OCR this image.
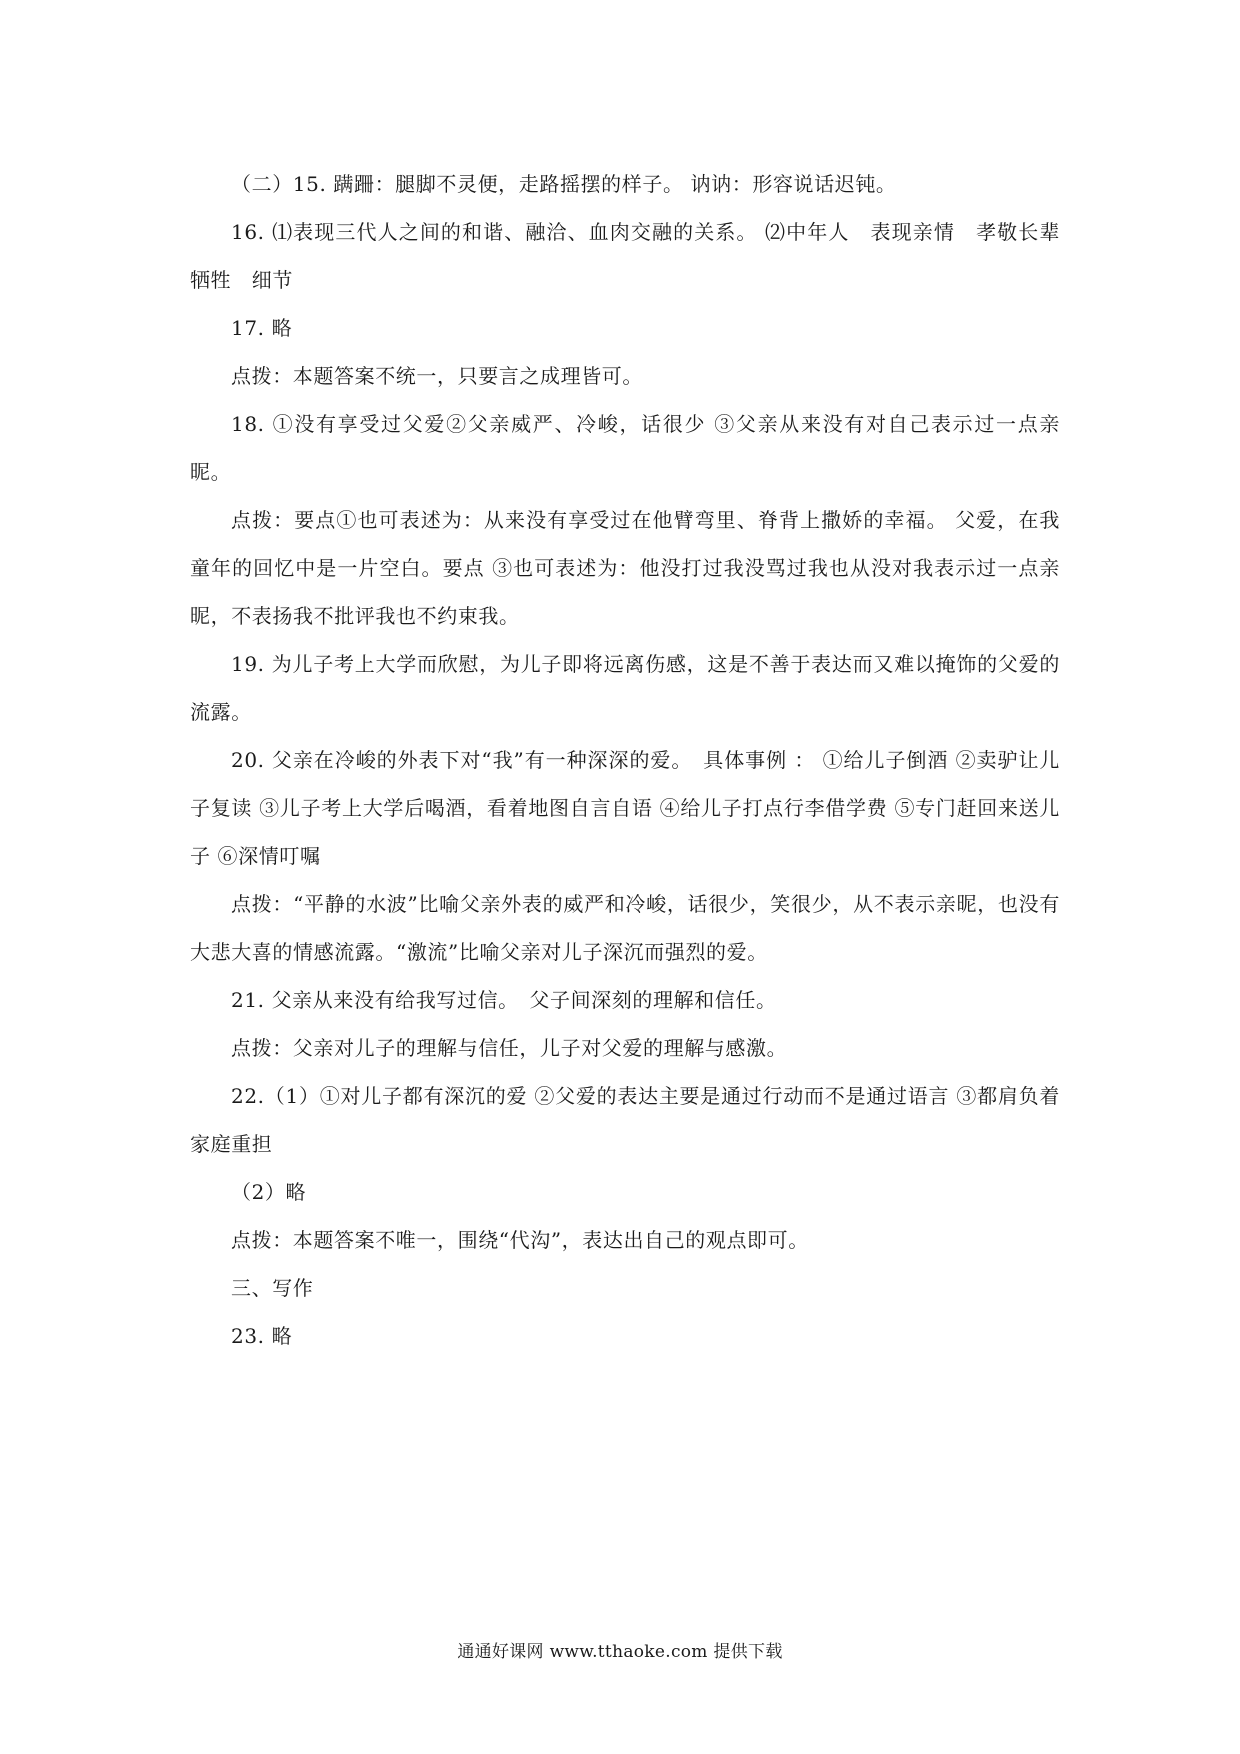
（二）15. 蹒跚：腿脚不灵便，走路摇摆的样子。 讷讷：形容说话迟钝。

16. ⑴表现三代人之间的和谐、融洽、血肉交融的关系。 ⑵中年人　表现亲情　孝敬长辈　牺牲　细节

17. 略

点拨：本题答案不统一，只要言之成理皆可。

18. ①没有享受过父爱②父亲威严、冷峻，话很少 ③父亲从来没有对自己表示过一点亲昵。

点拨：要点①也可表述为：从来没有享受过在他臂弯里、脊背上撒娇的幸福。 父爱，在我童年的回忆中是一片空白。要点 ③也可表述为：他没打过我没骂过我也从没对我表示过一点亲昵，不表扬我不批评我也不约束我。

19. 为儿子考上大学而欣慰，为儿子即将远离伤感，这是不善于表达而又难以掩饰的父爱的流露。

20. 父亲在冷峻的外表下对“我”有一种深深的爱。　具体事例 ： ①给儿子倒酒 ②卖驴让儿子复读 ③儿子考上大学后喝酒，看着地图自言自语 ④给儿子打点行李借学费 ⑤专门赶回来送儿子 ⑥深情叮嘱

点拨：“平静的水波”比喻父亲外表的威严和冷峻，话很少，笑很少，从不表示亲昵，也没有大悲大喜的情感流露。“激流”比喻父亲对儿子深沉而强烈的爱。

21. 父亲从来没有给我写过信。　父子间深刻的理解和信任。

点拨：父亲对儿子的理解与信任，儿子对父爱的理解与感激。

22.（1）①对儿子都有深沉的爱 ②父爱的表达主要是通过行动而不是通过语言 ③都肩负着家庭重担

（2）略

点拨：本题答案不唯一，围绕“代沟”，表达出自己的观点即可。

三、写作

23. 略

通通好课网 www.tthaoke.com 提供下载
